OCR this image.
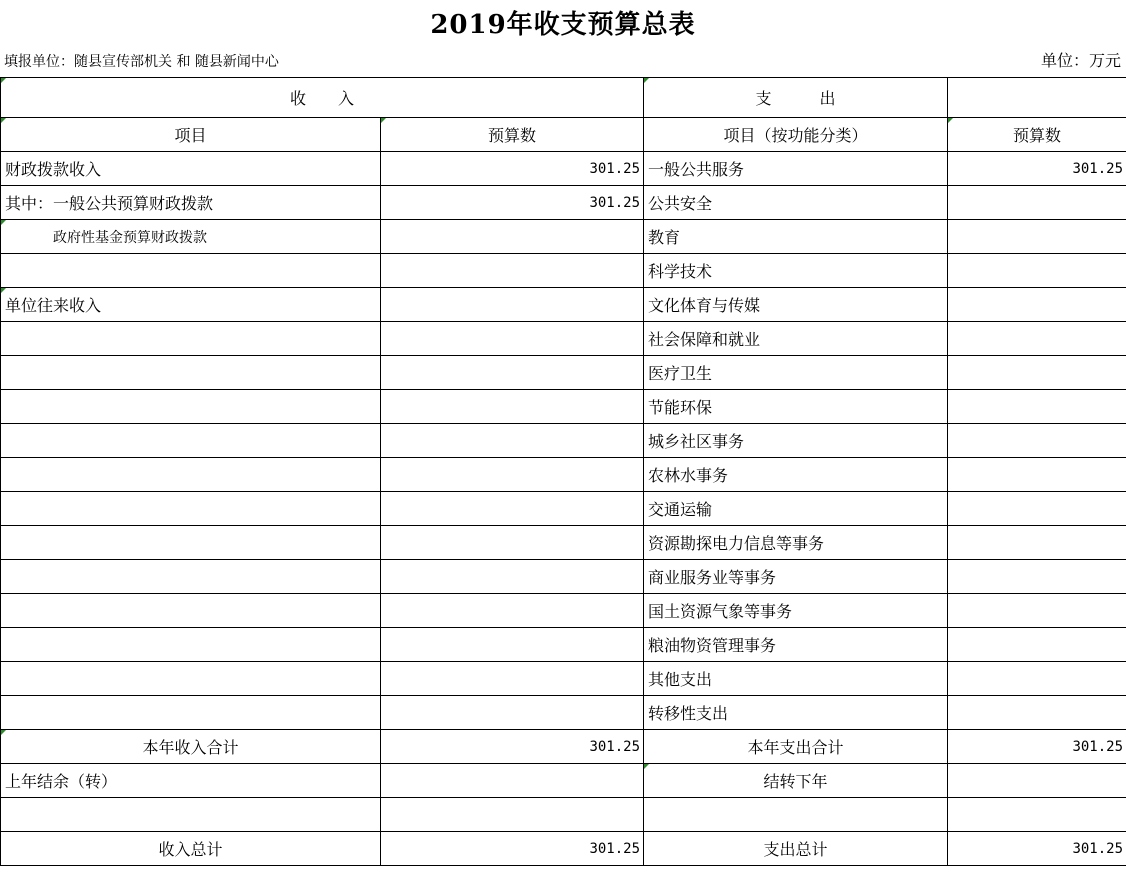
2019年收支预算总表
填报单位：随县宣传部机关 和 随县新闻中心	单位：万元
收　　入		支　　　出	
项目	预算数	项目（按功能分类）	预算数
财政拨款收入	301.25	一般公共服务	301.25
其中：一般公共预算财政拨款	301.25	公共安全	
政府性基金预算财政拨款		教育	
		科学技术	
单位往来收入		文化体育与传媒	
		社会保障和就业	
		医疗卫生	
		节能环保	
		城乡社区事务	
		农林水事务	
		交通运输	
		资源勘探电力信息等事务	
		商业服务业等事务	
		国土资源气象等事务	
		粮油物资管理事务	
		其他支出	
		转移性支出	
本年收入合计	301.25	本年支出合计	301.25
上年结余（转）		结转下年	

收入总计	301.25	支出总计	301.25
